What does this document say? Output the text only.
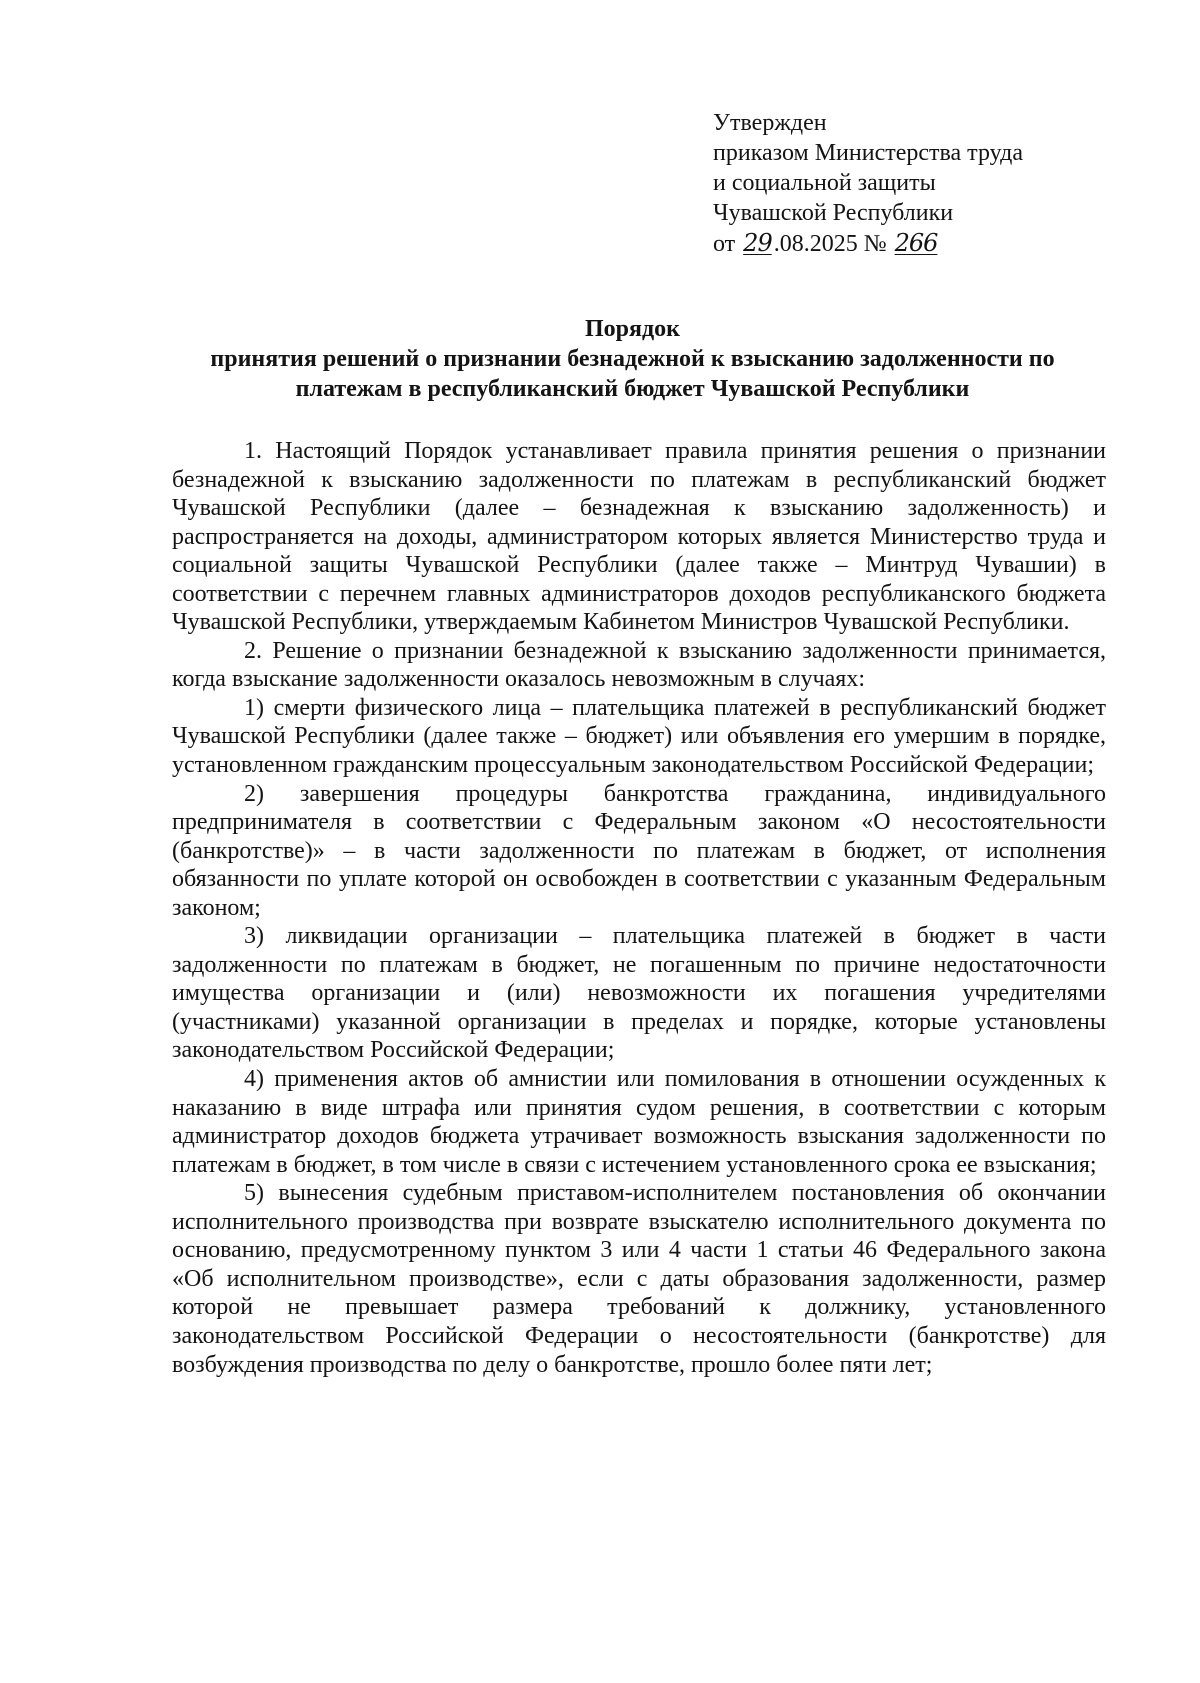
Утвержден
приказом Министерства труда
и социальной защиты
Чувашской Республики
от 29.08.2025 № 266
Порядок
принятия решений о признании безнадежной к взысканию задолженности по
платежам в республиканский бюджет Чувашской Республики

1. Настоящий Порядок устанавливает правила принятия решения о признании безнадежной к взысканию задолженности по платежам в республиканский бюджет Чувашской Республики (далее – безнадежная к взысканию задолженность) и распространяется на доходы, администратором которых является Министерство труда и социальной защиты Чувашской Республики (далее также – Минтруд Чувашии) в соответствии с перечнем главных администраторов доходов республиканского бюджета Чувашской Республики, утверждаемым Кабинетом Министров Чувашской Республики.

2. Решение о признании безнадежной к взысканию задолженности принимается, когда взыскание задолженности оказалось невозможным в случаях:

1) смерти физического лица – плательщика платежей в республиканский бюджет Чувашской Республики (далее также – бюджет) или объявления его умершим в порядке, установленном гражданским процессуальным законодательством Российской Федерации;

2) завершения процедуры банкротства гражданина, индивидуального предпринимателя в соответствии с Федеральным законом «О несостоятельности (банкротстве)» – в части задолженности по платежам в бюджет, от исполнения обязанности по уплате которой он освобожден в соответствии с указанным Федеральным законом;

3) ликвидации организации – плательщика платежей в бюджет в части задолженности по платежам в бюджет, не погашенным по причине недостаточности имущества организации и (или) невозможности их погашения учредителями (участниками) указанной организации в пределах и порядке, которые установлены законодательством Российской Федерации;

4) применения актов об амнистии или помилования в отношении осужденных к наказанию в виде штрафа или принятия судом решения, в соответствии с которым администратор доходов бюджета утрачивает возможность взыскания задолженности по платежам в бюджет, в том числе в связи с истечением установленного срока ее взыскания;

5) вынесения судебным приставом-исполнителем постановления об окончании исполнительного производства при возврате взыскателю исполнительного документа по основанию, предусмотренному пунктом 3 или 4 части 1 статьи 46 Федерального закона «Об исполнительном производстве», если с даты образования задолженности, размер которой не превышает размера требований к должнику, установленного законодательством Российской Федерации о несостоятельности (банкротстве) для возбуждения производства по делу о банкротстве, прошло более пяти лет;
